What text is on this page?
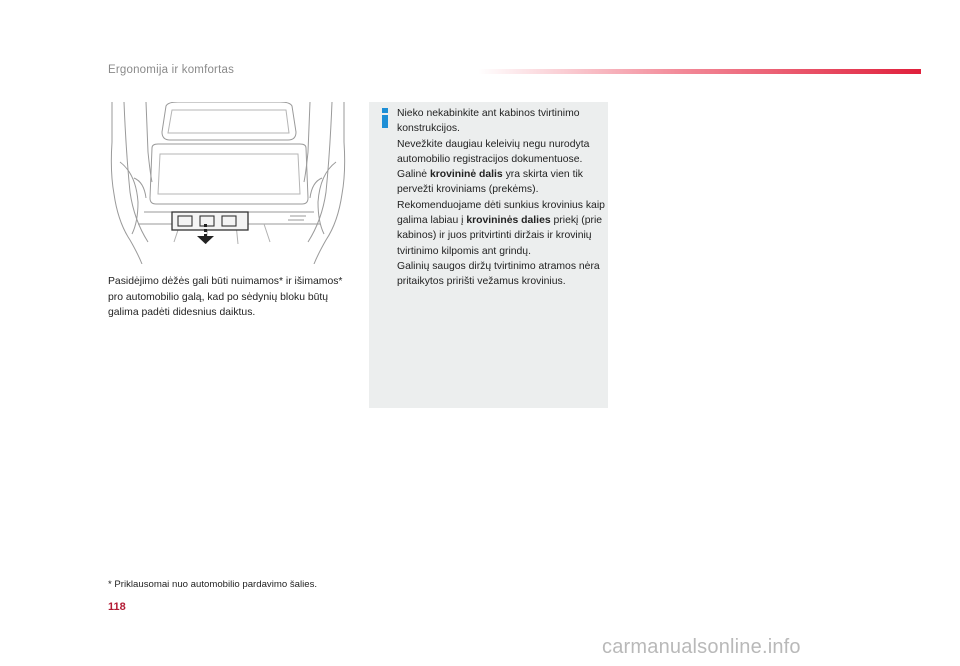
Ergonomija ir komfortas
Pasidėjimo dėžės gali būti nuimamos* ir išimamos* pro automobilio galą, kad po sėdynių bloku būtų galima padėti didesnius daiktus.
Nieko nekabinkite ant kabinos tvirtinimo konstrukcijos.
Nevežkite daugiau keleivių negu nurodyta automobilio registracijos dokumentuose.
Galinė krovininė dalis yra skirta vien tik pervežti kroviniams (prekėms).
Rekomenduojame dėti sunkius krovinius kaip galima labiau į krovininės dalies priekį (prie kabinos) ir juos pritvirtinti diržais ir krovinių tvirtinimo kilpomis ant grindų.
Galinių saugos diržų tvirtinimo atramos nėra pritaikytos pririšti vežamus krovinius.
* Priklausomai nuo automobilio pardavimo šalies.
118
carmanualsonline.info
